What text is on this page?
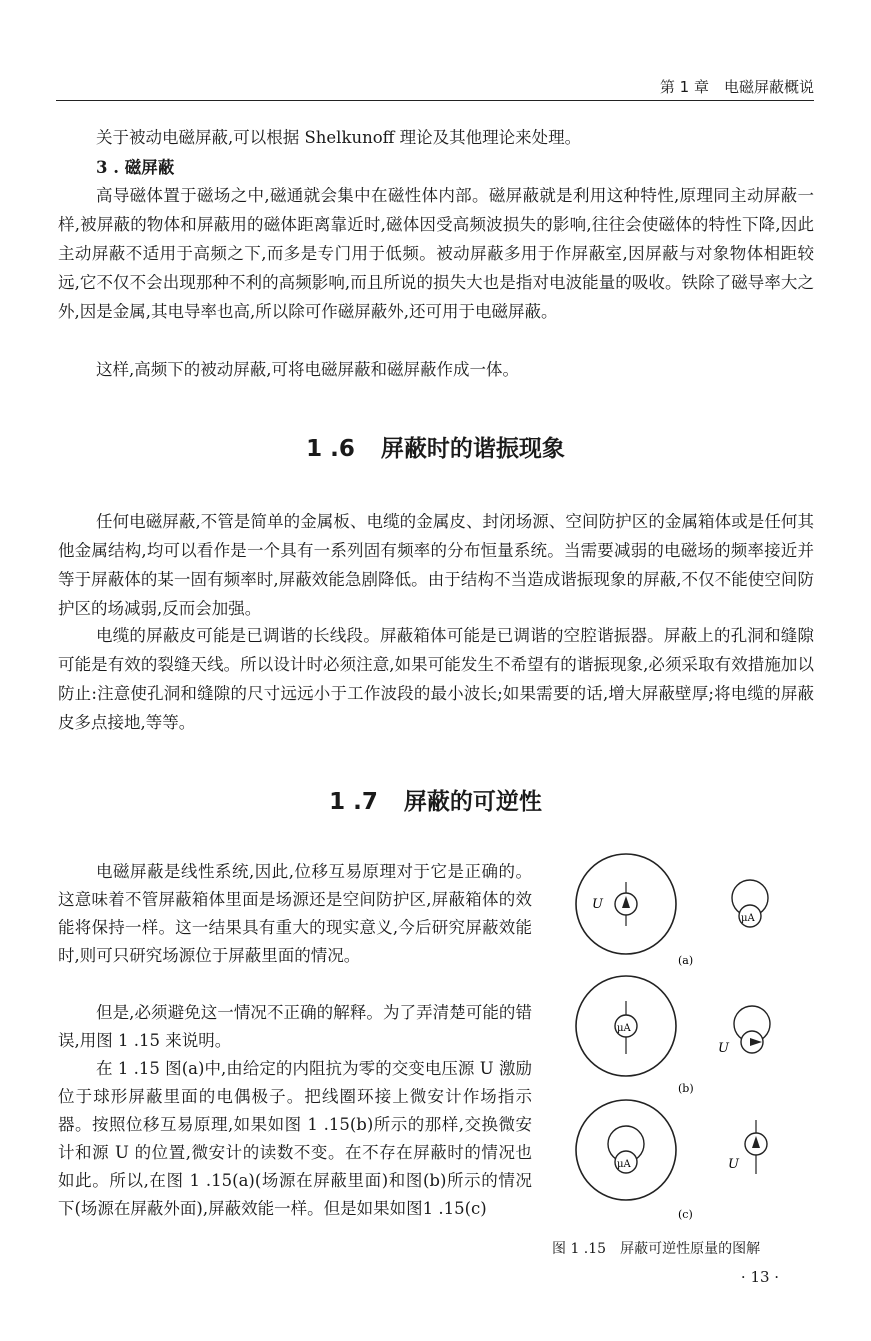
第 1 章　电磁屏蔽概说

关于被动电磁屏蔽,可以根据 Shelkunoff 理论及其他理论来处理。

3 . 磁屏蔽

高导磁体置于磁场之中,磁通就会集中在磁性体内部。磁屏蔽就是利用这种特性,原理同主动屏蔽一样,被屏蔽的物体和屏蔽用的磁体距离靠近时,磁体因受高频波损失的影响,往往会使磁体的特性下降,因此主动屏蔽不适用于高频之下,而多是专门用于低频。被动屏蔽多用于作屏蔽室,因屏蔽与对象物体相距较远,它不仅不会出现那种不利的高频影响,而且所说的损失大也是指对电波能量的吸收。铁除了磁导率大之外,因是金属,其电导率也高,所以除可作磁屏蔽外,还可用于电磁屏蔽。

这样,高频下的被动屏蔽,可将电磁屏蔽和磁屏蔽作成一体。

1 .6 屏蔽时的谐振现象

任何电磁屏蔽,不管是简单的金属板、电缆的金属皮、封闭场源、空间防护区的金属箱体或是任何其他金属结构,均可以看作是一个具有一系列固有频率的分布恒量系统。当需要减弱的电磁场的频率接近并等于屏蔽体的某一固有频率时,屏蔽效能急剧降低。由于结构不当造成谐振现象的屏蔽,不仅不能使空间防护区的场减弱,反而会加强。

电缆的屏蔽皮可能是已调谐的长线段。屏蔽箱体可能是已调谐的空腔谐振器。屏蔽上的孔洞和缝隙可能是有效的裂缝天线。所以设计时必须注意,如果可能发生不希望有的谐振现象,必须采取有效措施加以防止:注意使孔洞和缝隙的尺寸远远小于工作波段的最小波长;如果需要的话,增大屏蔽壁厚;将电缆的屏蔽皮多点接地,等等。

1 .7 屏蔽的可逆性

电磁屏蔽是线性系统,因此,位移互易原理对于它是正确的。这意味着不管屏蔽箱体里面是场源还是空间防护区,屏蔽箱体的效能将保持一样。这一结果具有重大的现实意义,今后研究屏蔽效能时,则可只研究场源位于屏蔽里面的情况。

但是,必须避免这一情况不正确的解释。为了弄清楚可能的错误,用图 1 .15 来说明。

在 1 .15 图(a)中,由给定的内阻抗为零的交变电压源 U 激励位于球形屏蔽里面的电偶极子。把线圈环接上微安计作场指示器。按照位移互易原理,如果如图 1 .15(b)所示的那样,交换微安计和源 U 的位置,微安计的读数不变。在不存在屏蔽时的情况也如此。所以,在图 1 .15(a)(场源在屏蔽里面)和图(b)所示的情况下(场源在屏蔽外面),屏蔽效能一样。但是如果如图1 .15(c)

U
μA
(a)
μA
U
(b)
μA	U
(c)
图 1 .15 屏蔽可逆性原量的图解
· 13 ·
